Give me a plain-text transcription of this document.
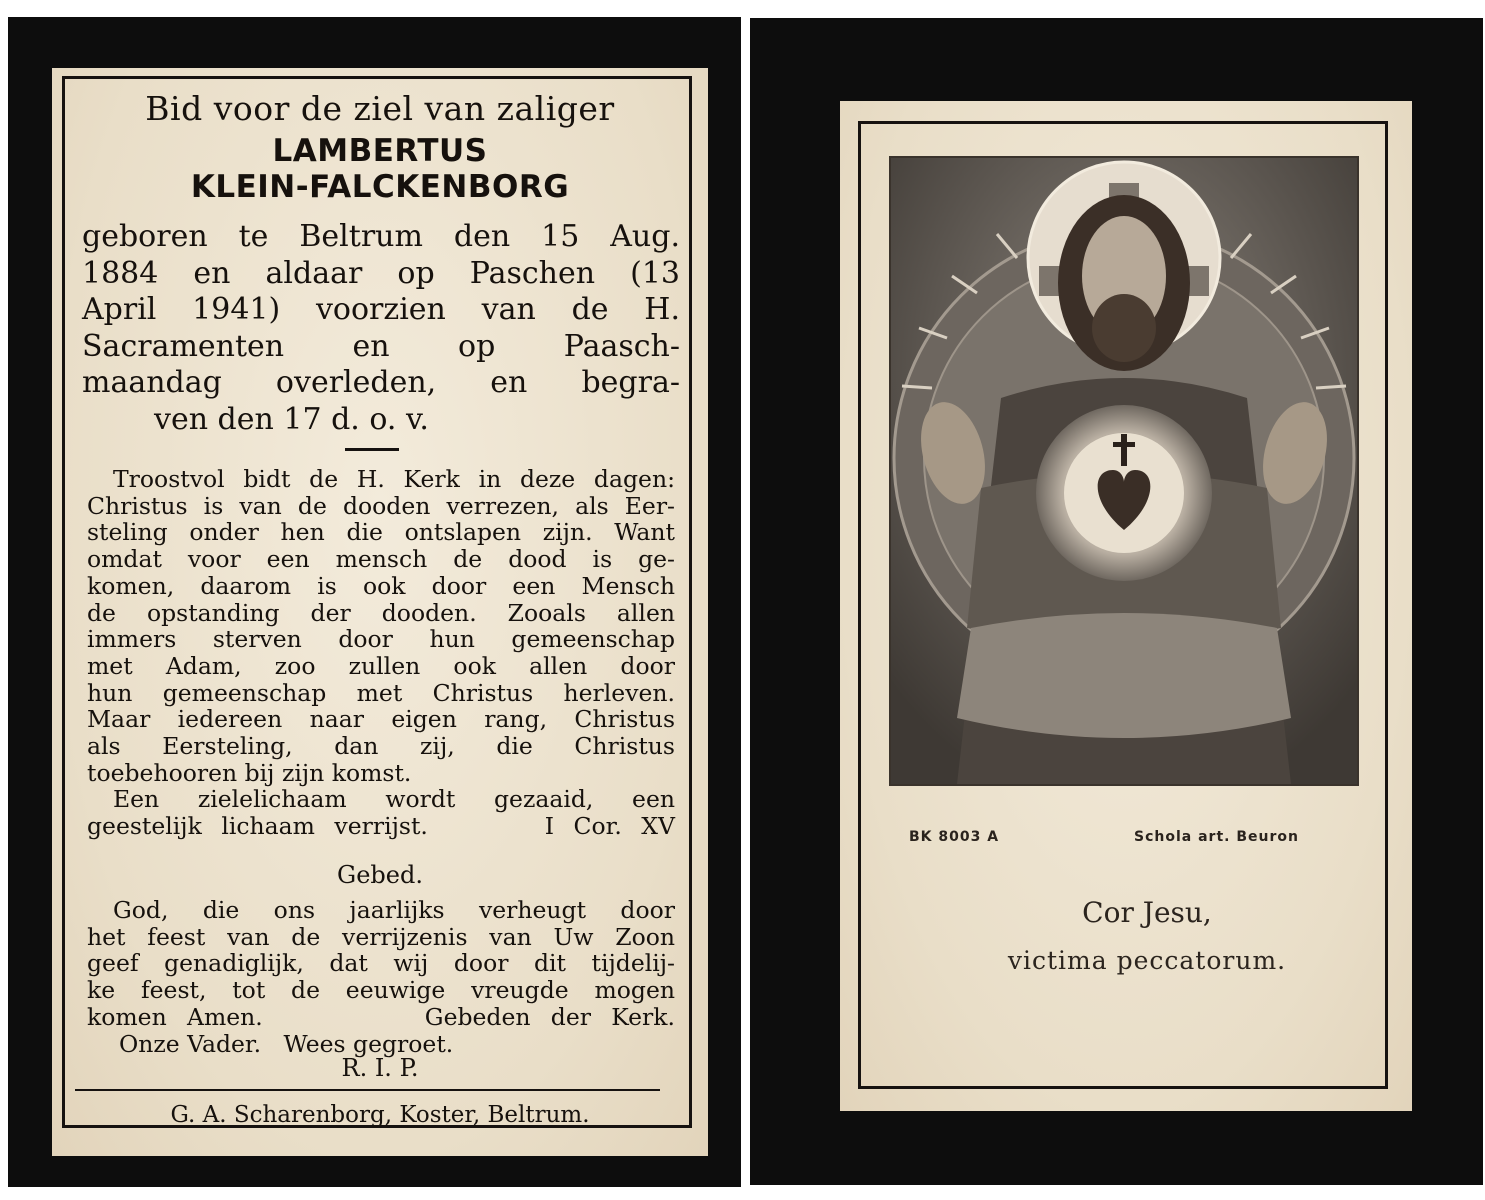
Bid voor de ziel van zaliger
LAMBERTUS
KLEIN-FALCKENBORG
geboren te Beltrum den 15 Aug.
1884 en aldaar op Paschen (13
April 1941) voorzien van de H.
Sacramenten en op Paasch-
maandag overleden, en begra-
ven den 17 d. o. v.
Troostvol bidt de H. Kerk in deze dagen:
Christus is van de dooden verrezen, als Eer-
steling onder hen die ontslapen zijn. Want
omdat voor een mensch de dood is ge-
komen, daarom is ook door een Mensch
de opstanding der dooden. Zooals allen
immers sterven door hun gemeenschap
met Adam, zoo zullen ook allen door
hun gemeenschap met Christus herleven.
Maar iedereen naar eigen rang, Christus
als Eersteling, dan zij, die Christus
toebehooren bij zijn komst.
Een zielelichaam wordt gezaaid, een
geestelijk lichaam verrijst.      I Cor. XV
Gebed.
God, die ons jaarlijks verheugt door
het feest van de verrijzenis van Uw Zoon
geef genadiglijk, dat wij door dit tijdelij-
ke feest, tot de eeuwige vreugde mogen
komen Amen.        Gebeden der Kerk.
Onze Vader.   Wees gegroet.
R. I. P.
G. A. Scharenborg, Koster, Beltrum.
BK 8003 A	Schola art. Beuron
Cor Jesu,
victima peccatorum.
